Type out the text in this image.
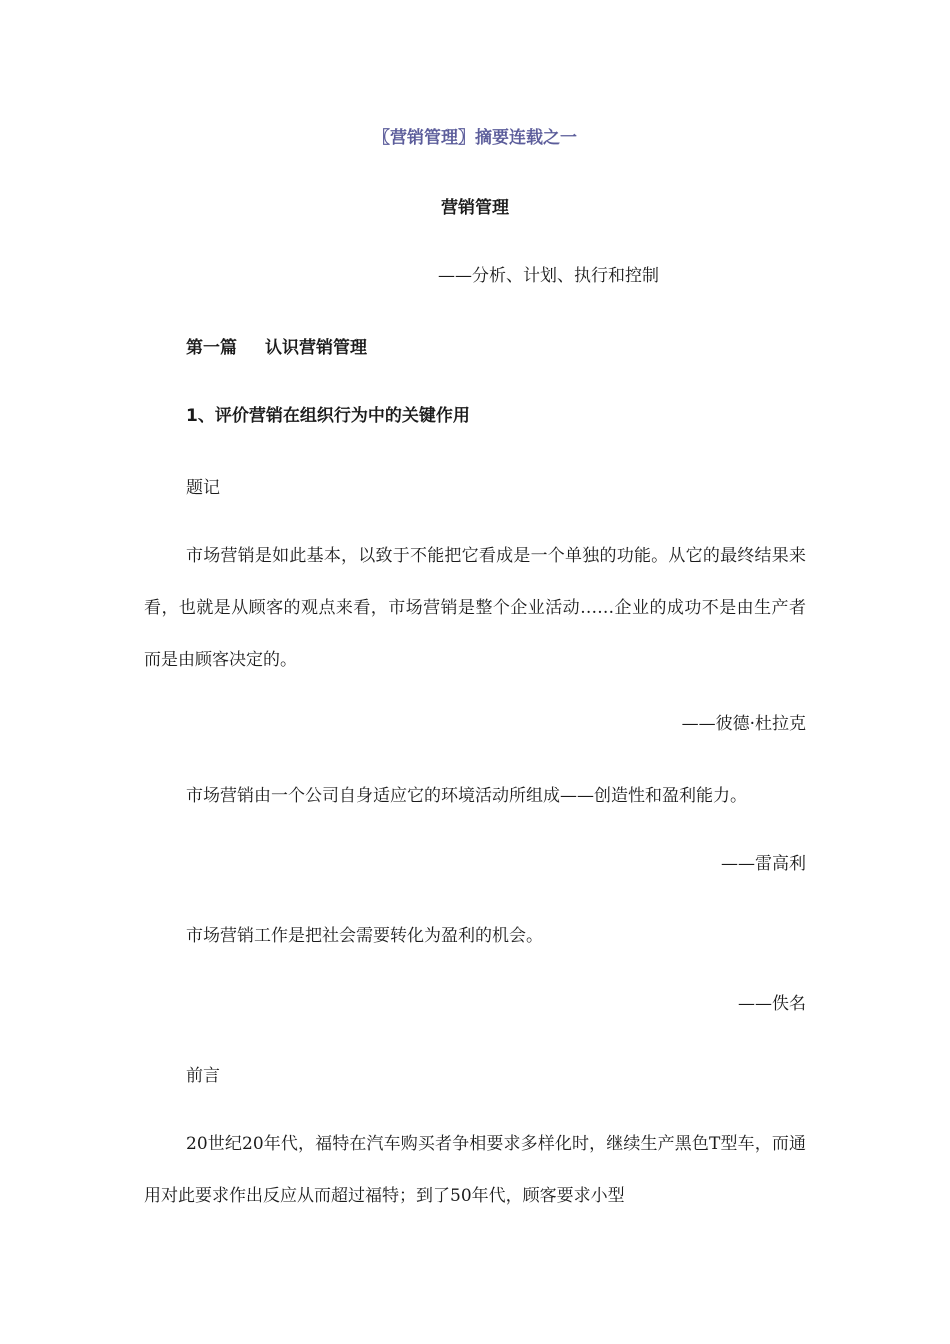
〖营销管理〗摘要连载之一
营销管理
——分析、计划、执行和控制
第一篇 认识营销管理
1、评价营销在组织行为中的关键作用
题记
市场营销是如此基本，以致于不能把它看成是一个单独的功能。从它的最终结果来看，也就是从顾客的观点来看，市场营销是整个企业活动……企业的成功不是由生产者而是由顾客决定的。
——彼德·杜拉克
市场营销由一个公司自身适应它的环境活动所组成——创造性和盈利能力。
——雷高利
市场营销工作是把社会需要转化为盈利的机会。
——佚名
前言
20世纪20年代，福特在汽车购买者争相要求多样化时，继续生产黑色T型车，而通用对此要求作出反应从而超过福特；到了50年代，顾客要求小型
